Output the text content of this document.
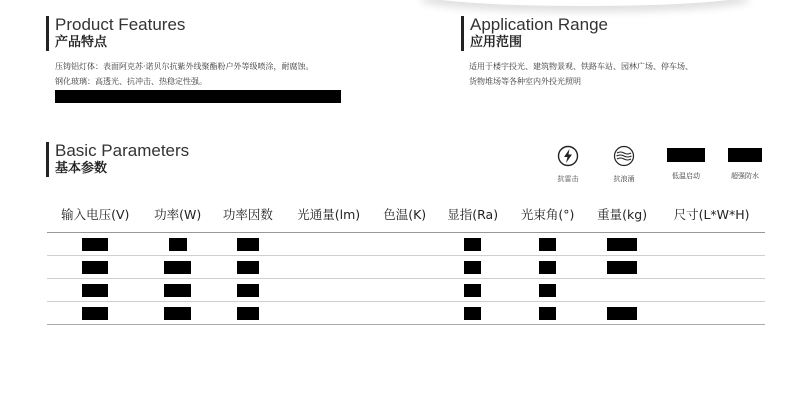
Product Features
产品特点
压铸铝灯体：表面阿克苏·诺贝尔抗紫外线聚酯粉户外等级喷涂，耐腐蚀。
钢化玻璃：高透光、抗冲击、热稳定性强。
Application Range
应用范围
适用于楼宇投光、建筑物景观、铁路车站、园林广场、停车场、
货物堆场等各种室内外投光照明
Basic Parameters
基本参数
抗雷击	抗浪涌	低温启动	超强防水
输入电压(V)	功率(W)	功率因数	光通量(lm)	色温(K)	显指(Ra)	光束角(°)	重量(kg)	尺寸(L*W*H)
